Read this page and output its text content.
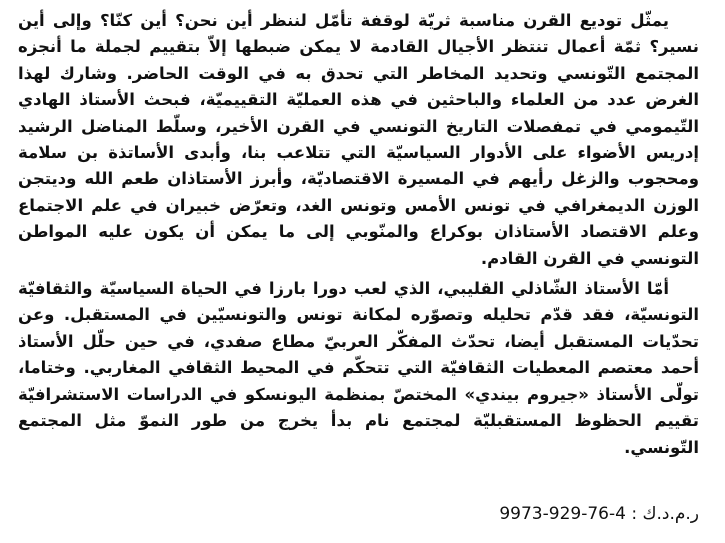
يمثّل توديع القرن مناسبة ثريّة لوقفة تأمّل لننظر أين نحن؟ أين كنّا؟ وإلى أين
نسير؟ ثمّة أعمال تنتظر الأجيال القادمة لا يمكن ضبطها إلاّ بتقييم لجملة ما أنجزه
المجتمع التّونسي وتحديد المخاطر التي تحدق به في الوقت الحاضر. وشارك لهذا
الغرض عدد من العلماء والباحثين في هذه العمليّة التقييميّة، فبحث الأستاذ الهادي
التّيمومي في تمفصلات التاريخ التونسي في القرن الأخير، وسلّط المناضل الرشيد
إدريس الأضواء على الأدوار السياسيّة التي تتلاعب بنا، وأبدى الأساتذة بن سلامة
ومحجوب والزغل رأيهم في المسيرة الاقتصاديّة، وأبرز الأستاذان طعم الله وديتجن
الوزن الديمغرافي في تونس الأمس وتونس الغد، وتعرّض خبيران في علم الاجتماع
وعلم الاقتصاد الأستاذان بوكراع والمنّوبي إلى ما يمكن أن يكون عليه المواطن
التونسي في القرن القادم.

أمّا الأستاذ الشّاذلي القليبي، الذي لعب دورا بارزا في الحياة السياسيّة والثقافيّة
التونسيّة، فقد قدّم تحليله وتصوّره لمكانة تونس والتونسيّين في المستقبل. وعن
تحدّيات المستقبل أيضا، تحدّث المفكّر العربيّ مطاع صفدي، في حين حلّل الأستاذ
أحمد معتصم المعطيات الثقافيّة التي تتحكّم في المحيط الثقافي المغاربي. وختاما،
تولّى الأستاذ «جيروم بيندي» المختصّ بمنظمة اليونسكو في الدراسات الاستشرافيّة
تقييم الحظوظ المستقبليّة لمجتمع نام بدأ يخرج من طور النموّ مثل المجتمع
التّونسي.

ر.م.د.ك : 9973-929-76-4
